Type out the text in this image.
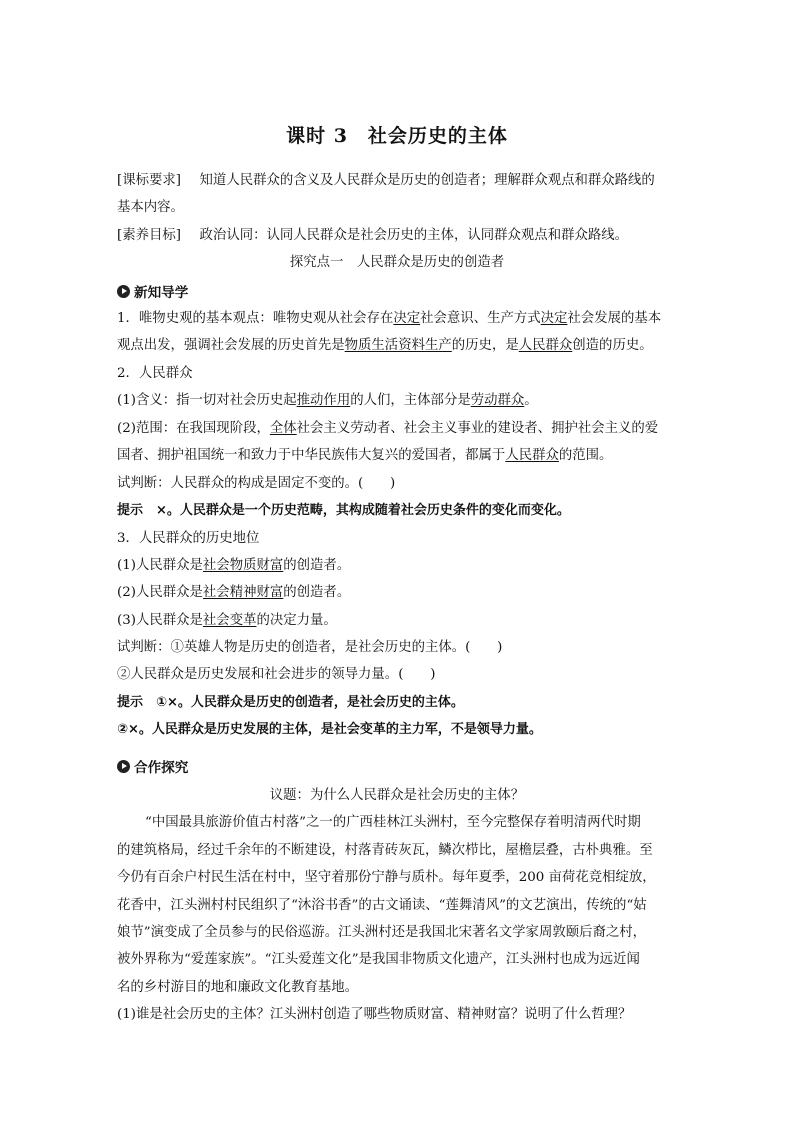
课时 3　社会历史的主体
[课标要求] 知道人民群众的含义及人民群众是历史的创造者；理解群众观点和群众路线的
基本内容。
[素养目标] 政治认同：认同人民群众是社会历史的主体，认同群众观点和群众路线。
探究点一　人民群众是历史的创造者
新知导学
1．唯物史观的基本观点：唯物史观从社会存在决定社会意识、生产方式决定社会发展的基本
观点出发，强调社会发展的历史首先是物质生活资料生产的历史，是人民群众创造的历史。
2．人民群众
(1)含义：指一切对社会历史起推动作用的人们，主体部分是劳动群众。
(2)范围：在我国现阶段，全体社会主义劳动者、社会主义事业的建设者、拥护社会主义的爱
国者、拥护祖国统一和致力于中华民族伟大复兴的爱国者，都属于人民群众的范围。
试判断：人民群众的构成是固定不变的。(　　)
提示　×。人民群众是一个历史范畴，其构成随着社会历史条件的变化而变化。
3．人民群众的历史地位
(1)人民群众是社会物质财富的创造者。
(2)人民群众是社会精神财富的创造者。
(3)人民群众是社会变革的决定力量。
试判断：①英雄人物是历史的创造者，是社会历史的主体。(　　)
②人民群众是历史发展和社会进步的领导力量。(　　)
提示　①×。人民群众是历史的创造者，是社会历史的主体。
②×。人民群众是历史发展的主体，是社会变革的主力军，不是领导力量。
合作探究
议题：为什么人民群众是社会历史的主体？
“中国最具旅游价值古村落”之一的广西桂林江头洲村，至今完整保存着明清两代时期
的建筑格局，经过千余年的不断建设，村落青砖灰瓦，鳞次栉比，屋檐层叠，古朴典雅。至
今仍有百余户村民生活在村中，坚守着那份宁静与质朴。每年夏季，200 亩荷花竞相绽放，
花香中，江头洲村村民组织了“沐浴书香”的古文诵读、“莲舞清风”的文艺演出，传统的“姑
娘节”演变成了全员参与的民俗巡游。江头洲村还是我国北宋著名文学家周敦颐后裔之村，
被外界称为“爱莲家族”。“江头爱莲文化”是我国非物质文化遗产，江头洲村也成为远近闻
名的乡村游目的地和廉政文化教育基地。
(1)谁是社会历史的主体？江头洲村创造了哪些物质财富、精神财富？说明了什么哲理？
